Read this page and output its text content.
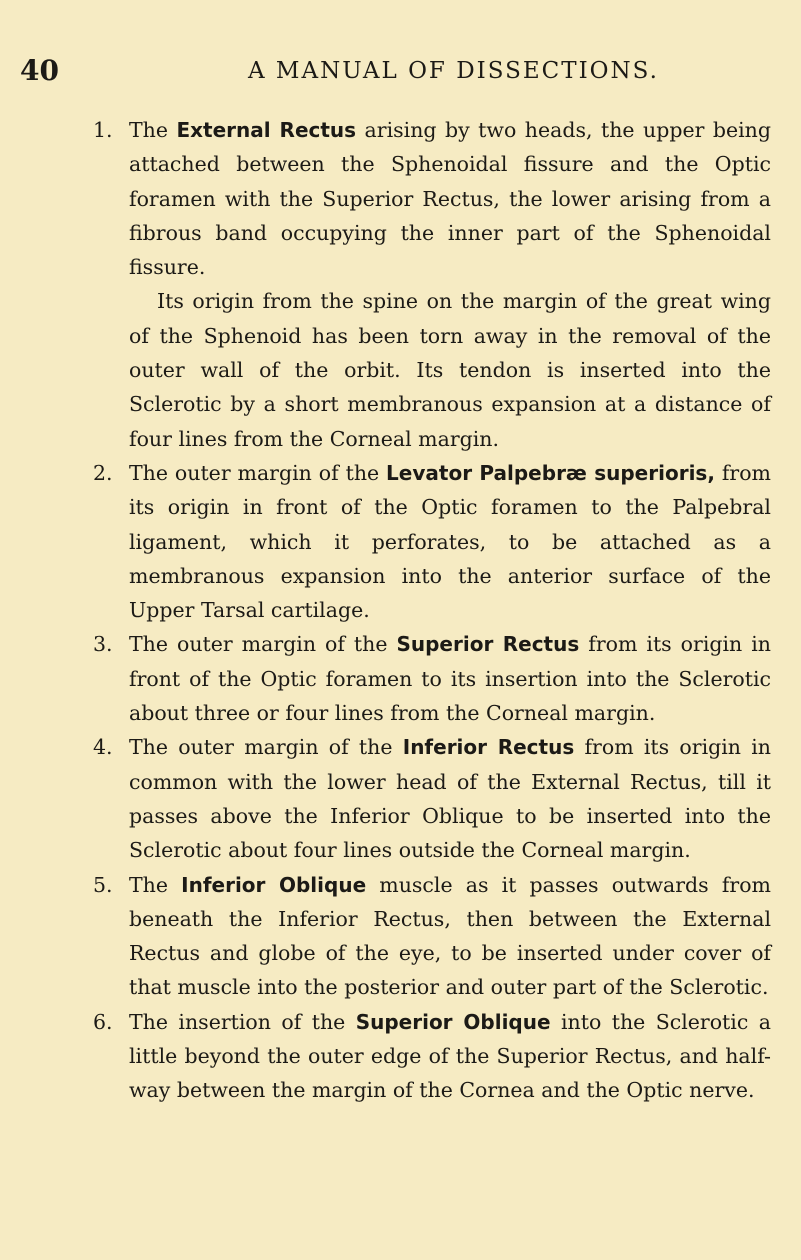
40	A MANUAL OF DISSECTIONS.
1. The External Rectus arising by two heads, the upper being attached between the Sphenoidal fissure and the Optic foramen with the Superior Rectus, the lower arising from a fibrous band occupying the inner part of the Sphenoidal fissure.

Its origin from the spine on the margin of the great wing of the Sphenoid has been torn away in the removal of the outer wall of the orbit. Its tendon is inserted into the Sclerotic by a short membranous expansion at a distance of four lines from the Corneal margin.

2. The outer margin of the Levator Palpebræ superioris, from its origin in front of the Optic foramen to the Palpebral ligament, which it perforates, to be attached as a membranous expansion into the anterior surface of the Upper Tarsal cartilage.

3. The outer margin of the Superior Rectus from its origin in front of the Optic foramen to its insertion into the Sclerotic about three or four lines from the Corneal margin.

4. The outer margin of the Inferior Rectus from its origin in common with the lower head of the External Rectus, till it passes above the Inferior Oblique to be inserted into the Sclerotic about four lines outside the Corneal margin.

5. The Inferior Oblique muscle as it passes outwards from beneath the Inferior Rectus, then between the External Rectus and globe of the eye, to be inserted under cover of that muscle into the posterior and outer part of the Sclerotic.

6. The insertion of the Superior Oblique into the Sclerotic a little beyond the outer edge of the Superior Rectus, and half-way between the margin of the Cornea and the Optic nerve.
